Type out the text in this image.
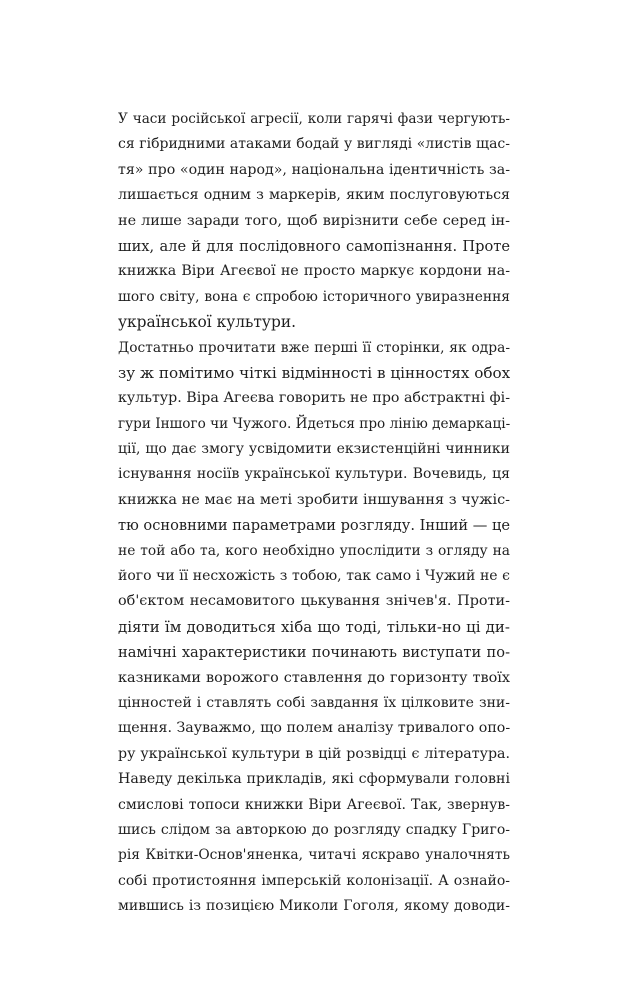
У часи російської агресії, коли гарячі фази чергують-
ся гібридними атаками бодай у вигляді «листів щас-
тя» про «один народ», національна ідентичність за-
лишається одним з маркерів, яким послуговуються
не лише заради того, щоб вирізнити себе серед ін-
ших, але й для послідовного самопізнання. Проте
книжка Віри Агеєвої не просто маркує кордони на-
шого світу, вона є спробою історичного увиразнення
української культури.
Достатньо прочитати вже перші її сторінки, як одра-
зу ж помітимо чіткі відмінності в цінностях обох
культур. Віра Агеєва говорить не про абстрактні фі-
гури Іншого чи Чужого. Йдеться про лінію демаркаці-
ції, що дає змогу усвідомити екзистенційні чинники
існування носіїв української культури. Вочевидь, ця
книжка не має на меті зробити іншування з чужіс-
тю основними параметрами розгляду. Інший — це
не той або та, кого необхідно упослідити з огляду на
його чи її несхожість з тобою, так само і Чужий не є
об'єктом несамовитого цькування знічев'я. Проти-
діяти їм доводиться хіба що тоді, тільки-но ці ди-
намічні характеристики починають виступати по-
казниками ворожого ставлення до горизонту твоїх
цінностей і ставлять собі завдання їх цілковите зни-
щення. Зауважмо, що полем аналізу тривалого опо-
ру української культури в цій розвідці є література.
Наведу декілька прикладів, які сформували головні
смислові топоси книжки Віри Агеєвої. Так, звернув-
шись слідом за авторкою до розгляду спадку Григо-
рія Квітки-Основ'яненка, читачі яскраво уналочнять
собі протистояння імперській колонізації. А ознайо-
мившись із позицією Миколи Гоголя, якому доводи-
